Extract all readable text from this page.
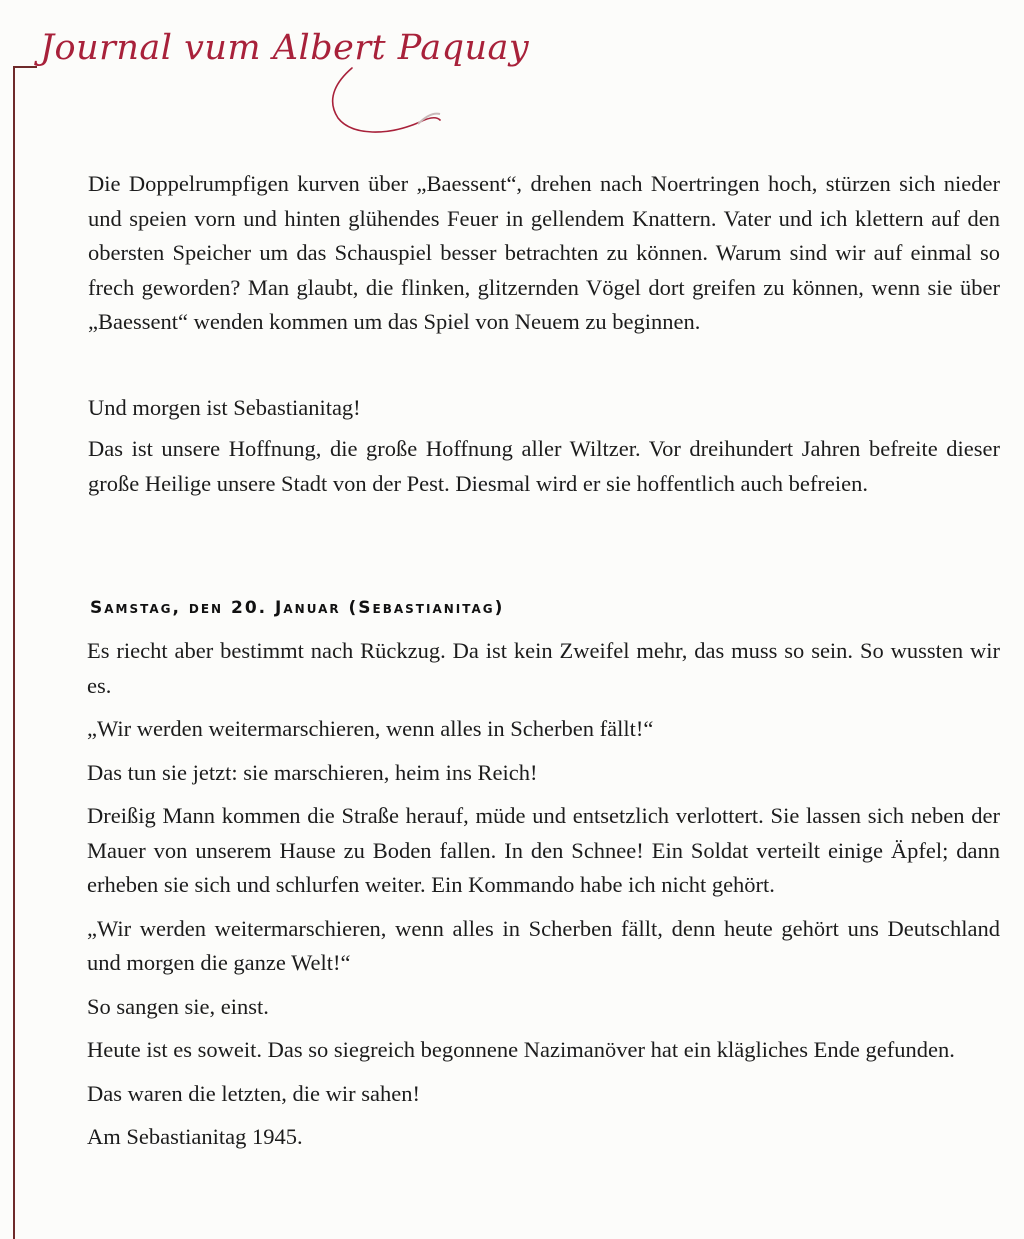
Journal vum Albert Paquay

Die Doppelrumpfigen kurven über „Baessent“, drehen nach Noertringen hoch, stürzen sich nieder und speien vorn und hinten glühendes Feuer in gellendem Knattern. Vater und ich klettern auf den obersten Speicher um das Schauspiel besser betrachten zu können. Warum sind wir auf einmal so frech geworden? Man glaubt, die flinken, glitzernden Vögel dort greifen zu können, wenn sie über „Baessent“ wenden kommen um das Spiel von Neuem zu beginnen.

Und morgen ist Sebastianitag!

Das ist unsere Hoffnung, die große Hoffnung aller Wiltzer. Vor dreihundert Jahren befreite dieser große Heilige unsere Stadt von der Pest. Diesmal wird er sie hoffentlich auch befreien.

Samstag, den 20. Januar (Sebastianitag)

Es riecht aber bestimmt nach Rückzug. Da ist kein Zweifel mehr, das muss so sein. So wussten wir es.

„Wir werden weitermarschieren, wenn alles in Scherben fällt!“

Das tun sie jetzt: sie marschieren, heim ins Reich!

Dreißig Mann kommen die Straße herauf, müde und entsetzlich verlottert. Sie lassen sich neben der Mauer von unserem Hause zu Boden fallen. In den Schnee! Ein Soldat verteilt einige Äpfel; dann erheben sie sich und schlurfen weiter. Ein Kommando habe ich nicht gehört.

„Wir werden weitermarschieren, wenn alles in Scherben fällt, denn heute gehört uns Deutschland und morgen die ganze Welt!“

So sangen sie, einst.

Heute ist es soweit. Das so siegreich begonnene Nazimanöver hat ein klägliches Ende gefunden.

Das waren die letzten, die wir sahen!

Am Sebastianitag 1945.
